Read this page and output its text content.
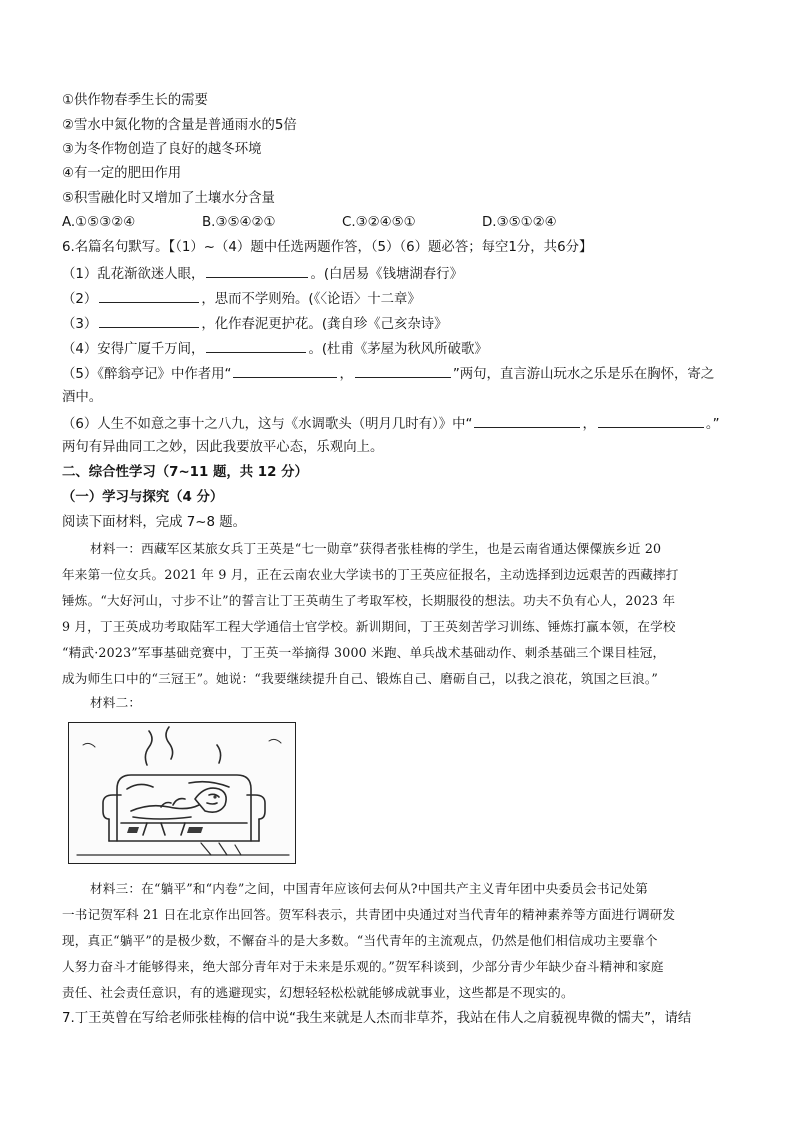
①供作物春季生长的需要
②雪水中氮化物的含量是普通雨水的5倍
③为冬作物创造了良好的越冬环境
④有一定的肥田作用
⑤积雪融化时又增加了土壤水分含量
A.①⑤③②④	B.③⑤④②①	C.③②④⑤①	D.③⑤①②④
6.名篇名句默写。【（1）~（4）题中任选两题作答，（5）（6）题必答；每空1分，共6分】
（1）乱花渐欲迷人眼，	。(白居易《钱塘湖春行》
（2）	，思而不学则殆。(《〈论语〉十二章》
（3）	，化作春泥更护花。(龚自珍《己亥杂诗》
（4）安得广厦千万间，	。(杜甫《茅屋为秋风所破歌》
（5）《醉翁亭记》中作者用“	，	”两句，直言游山玩水之乐是乐在胸怀，寄之
酒中。
（6）人生不如意之事十之八九，这与《水调歌头（明月几时有）》中“	，	。”
两句有异曲同工之妙，因此我要放平心态，乐观向上。
二、综合性学习（7~11 题，共 12 分）
（一）学习与探究（4 分）
阅读下面材料，完成 7~8 题。
材料一：西藏军区某旅女兵丁王英是“七一勋章”获得者张桂梅的学生，也是云南省通达傈僳族乡近 20
年来第一位女兵。2021 年 9 月，正在云南农业大学读书的丁王英应征报名，主动选择到边远艰苦的西藏摔打
锤炼。“大好河山，寸步不让”的誓言让丁王英萌生了考取军校，长期服役的想法。功夫不负有心人，2023 年
9 月，丁王英成功考取陆军工程大学通信士官学校。新训期间，丁王英刻苦学习训练、锤炼打赢本领，在学校
“精武·2023”军事基础竞赛中，丁王英一举摘得 3000 米跑、单兵战术基础动作、刺杀基础三个课目桂冠，
成为师生口中的“三冠王”。她说：“我要继续提升自己、锻炼自己、磨砺自己，以我之浪花，筑国之巨浪。”
材料二：
材料三：在“躺平”和“内卷”之间，中国青年应该何去何从?中国共产主义青年团中央委员会书记处第
一书记贺军科 21 日在北京作出回答。贺军科表示，共青团中央通过对当代青年的精神素养等方面进行调研发
现，真正“躺平”的是极少数，不懈奋斗的是大多数。“当代青年的主流观点，仍然是他们相信成功主要靠个
人努力奋斗才能够得来，绝大部分青年对于未来是乐观的。”贺军科谈到，少部分青少年缺少奋斗精神和家庭
责任、社会责任意识，有的逃避现实，幻想轻轻松松就能够成就事业，这些都是不现实的。
7.丁王英曾在写给老师张桂梅的信中说“我生来就是人杰而非草芥，我站在伟人之肩藐视卑微的懦夫”，请结
